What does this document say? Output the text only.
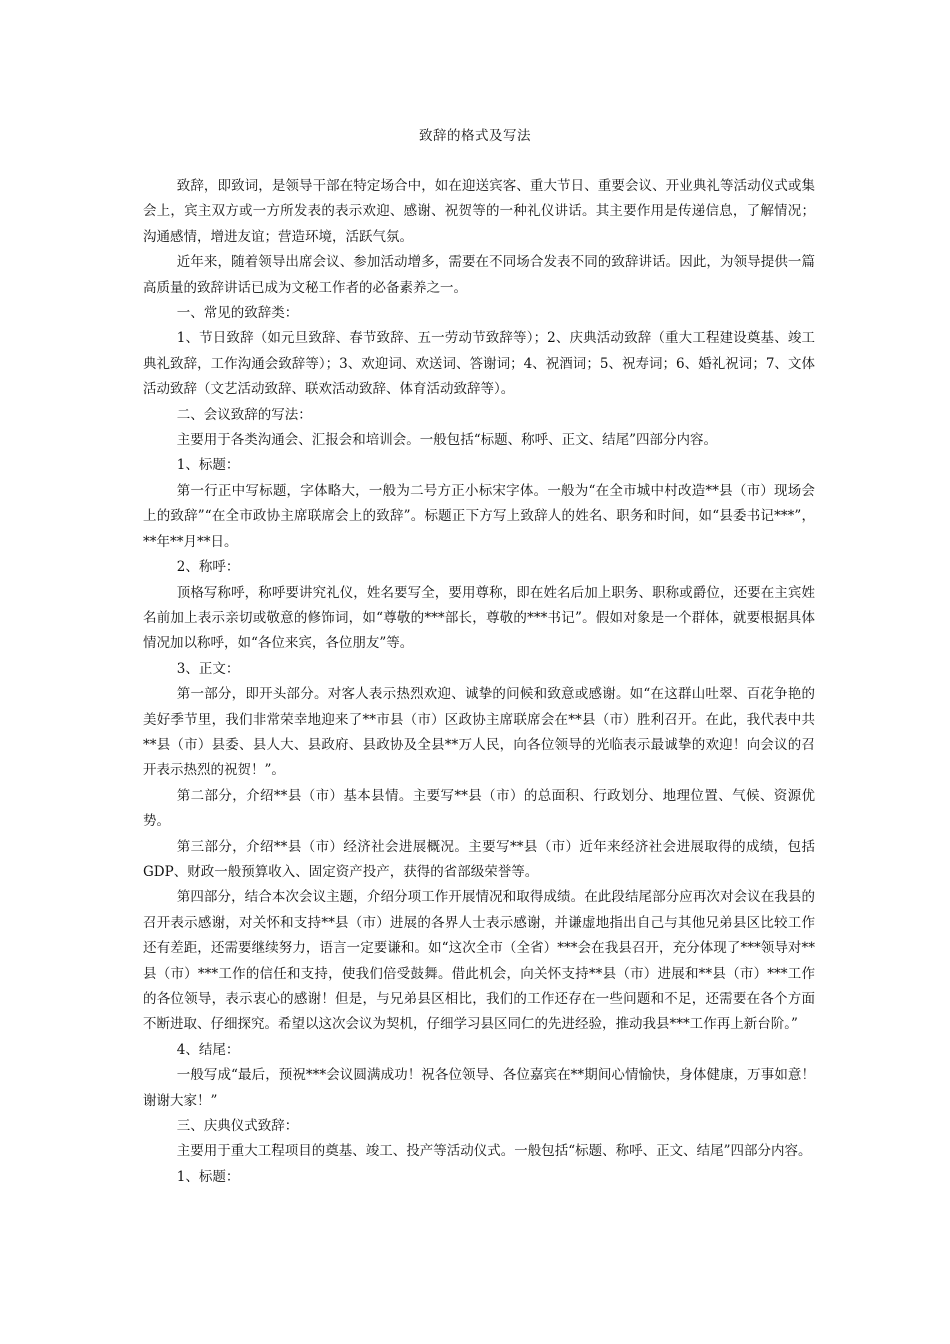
致辞的格式及写法

致辞，即致词，是领导干部在特定场合中，如在迎送宾客、重大节日、重要会议、开业典礼等活动仪式或集会上，宾主双方或一方所发表的表示欢迎、感谢、祝贺等的一种礼仪讲话。其主要作用是传递信息，了解情况；沟通感情，增进友谊；营造环境，活跃气氛。

近年来，随着领导出席会议、参加活动增多，需要在不同场合发表不同的致辞讲话。因此，为领导提供一篇高质量的致辞讲话已成为文秘工作者的必备素养之一。

一、常见的致辞类：

1、节日致辞（如元旦致辞、春节致辞、五一劳动节致辞等）；2、庆典活动致辞（重大工程建设奠基、竣工典礼致辞，工作沟通会致辞等）；3、欢迎词、欢送词、答谢词；4、祝酒词；5、祝寿词；6、婚礼祝词；7、文体活动致辞（文艺活动致辞、联欢活动致辞、体育活动致辞等）。

二、会议致辞的写法：

主要用于各类沟通会、汇报会和培训会。一般包括“标题、称呼、正文、结尾”四部分内容。

1、标题：

第一行正中写标题，字体略大，一般为二号方正小标宋字体。一般为“在全市城中村改造**县（市）现场会上的致辞”“在全市政协主席联席会上的致辞”。标题正下方写上致辞人的姓名、职务和时间，如“县委书记***”，**年**月**日。

2、称呼：

顶格写称呼，称呼要讲究礼仪，姓名要写全，要用尊称，即在姓名后加上职务、职称或爵位，还要在主宾姓名前加上表示亲切或敬意的修饰词，如“尊敬的***部长，尊敬的***书记”。假如对象是一个群体，就要根据具体情况加以称呼，如“各位来宾，各位朋友”等。

3、正文：

第一部分，即开头部分。对客人表示热烈欢迎、诚挚的问候和致意或感谢。如“在这群山吐翠、百花争艳的美好季节里，我们非常荣幸地迎来了**市县（市）区政协主席联席会在**县（市）胜利召开。在此，我代表中共**县（市）县委、县人大、县政府、县政协及全县**万人民，向各位领导的光临表示最诚挚的欢迎！向会议的召开表示热烈的祝贺！”。

第二部分，介绍**县（市）基本县情。主要写**县（市）的总面积、行政划分、地理位置、气候、资源优势。

第三部分，介绍**县（市）经济社会进展概况。主要写**县（市）近年来经济社会进展取得的成绩，包括GDP、财政一般预算收入、固定资产投产，获得的省部级荣誉等。

第四部分，结合本次会议主题，介绍分项工作开展情况和取得成绩。在此段结尾部分应再次对会议在我县的召开表示感谢，对关怀和支持**县（市）进展的各界人士表示感谢，并谦虚地指出自己与其他兄弟县区比较工作还有差距，还需要继续努力，语言一定要谦和。如“这次全市（全省）***会在我县召开，充分体现了***领导对**县（市）***工作的信任和支持，使我们倍受鼓舞。借此机会，向关怀支持**县（市）进展和**县（市）***工作的各位领导，表示衷心的感谢！但是，与兄弟县区相比，我们的工作还存在一些问题和不足，还需要在各个方面不断进取、仔细探究。希望以这次会议为契机，仔细学习县区同仁的先进经验，推动我县***工作再上新台阶。”

4、结尾：

一般写成“最后，预祝***会议圆满成功！祝各位领导、各位嘉宾在**期间心情愉快，身体健康，万事如意！谢谢大家！”

三、庆典仪式致辞：

主要用于重大工程项目的奠基、竣工、投产等活动仪式。一般包括“标题、称呼、正文、结尾”四部分内容。

1、标题：
